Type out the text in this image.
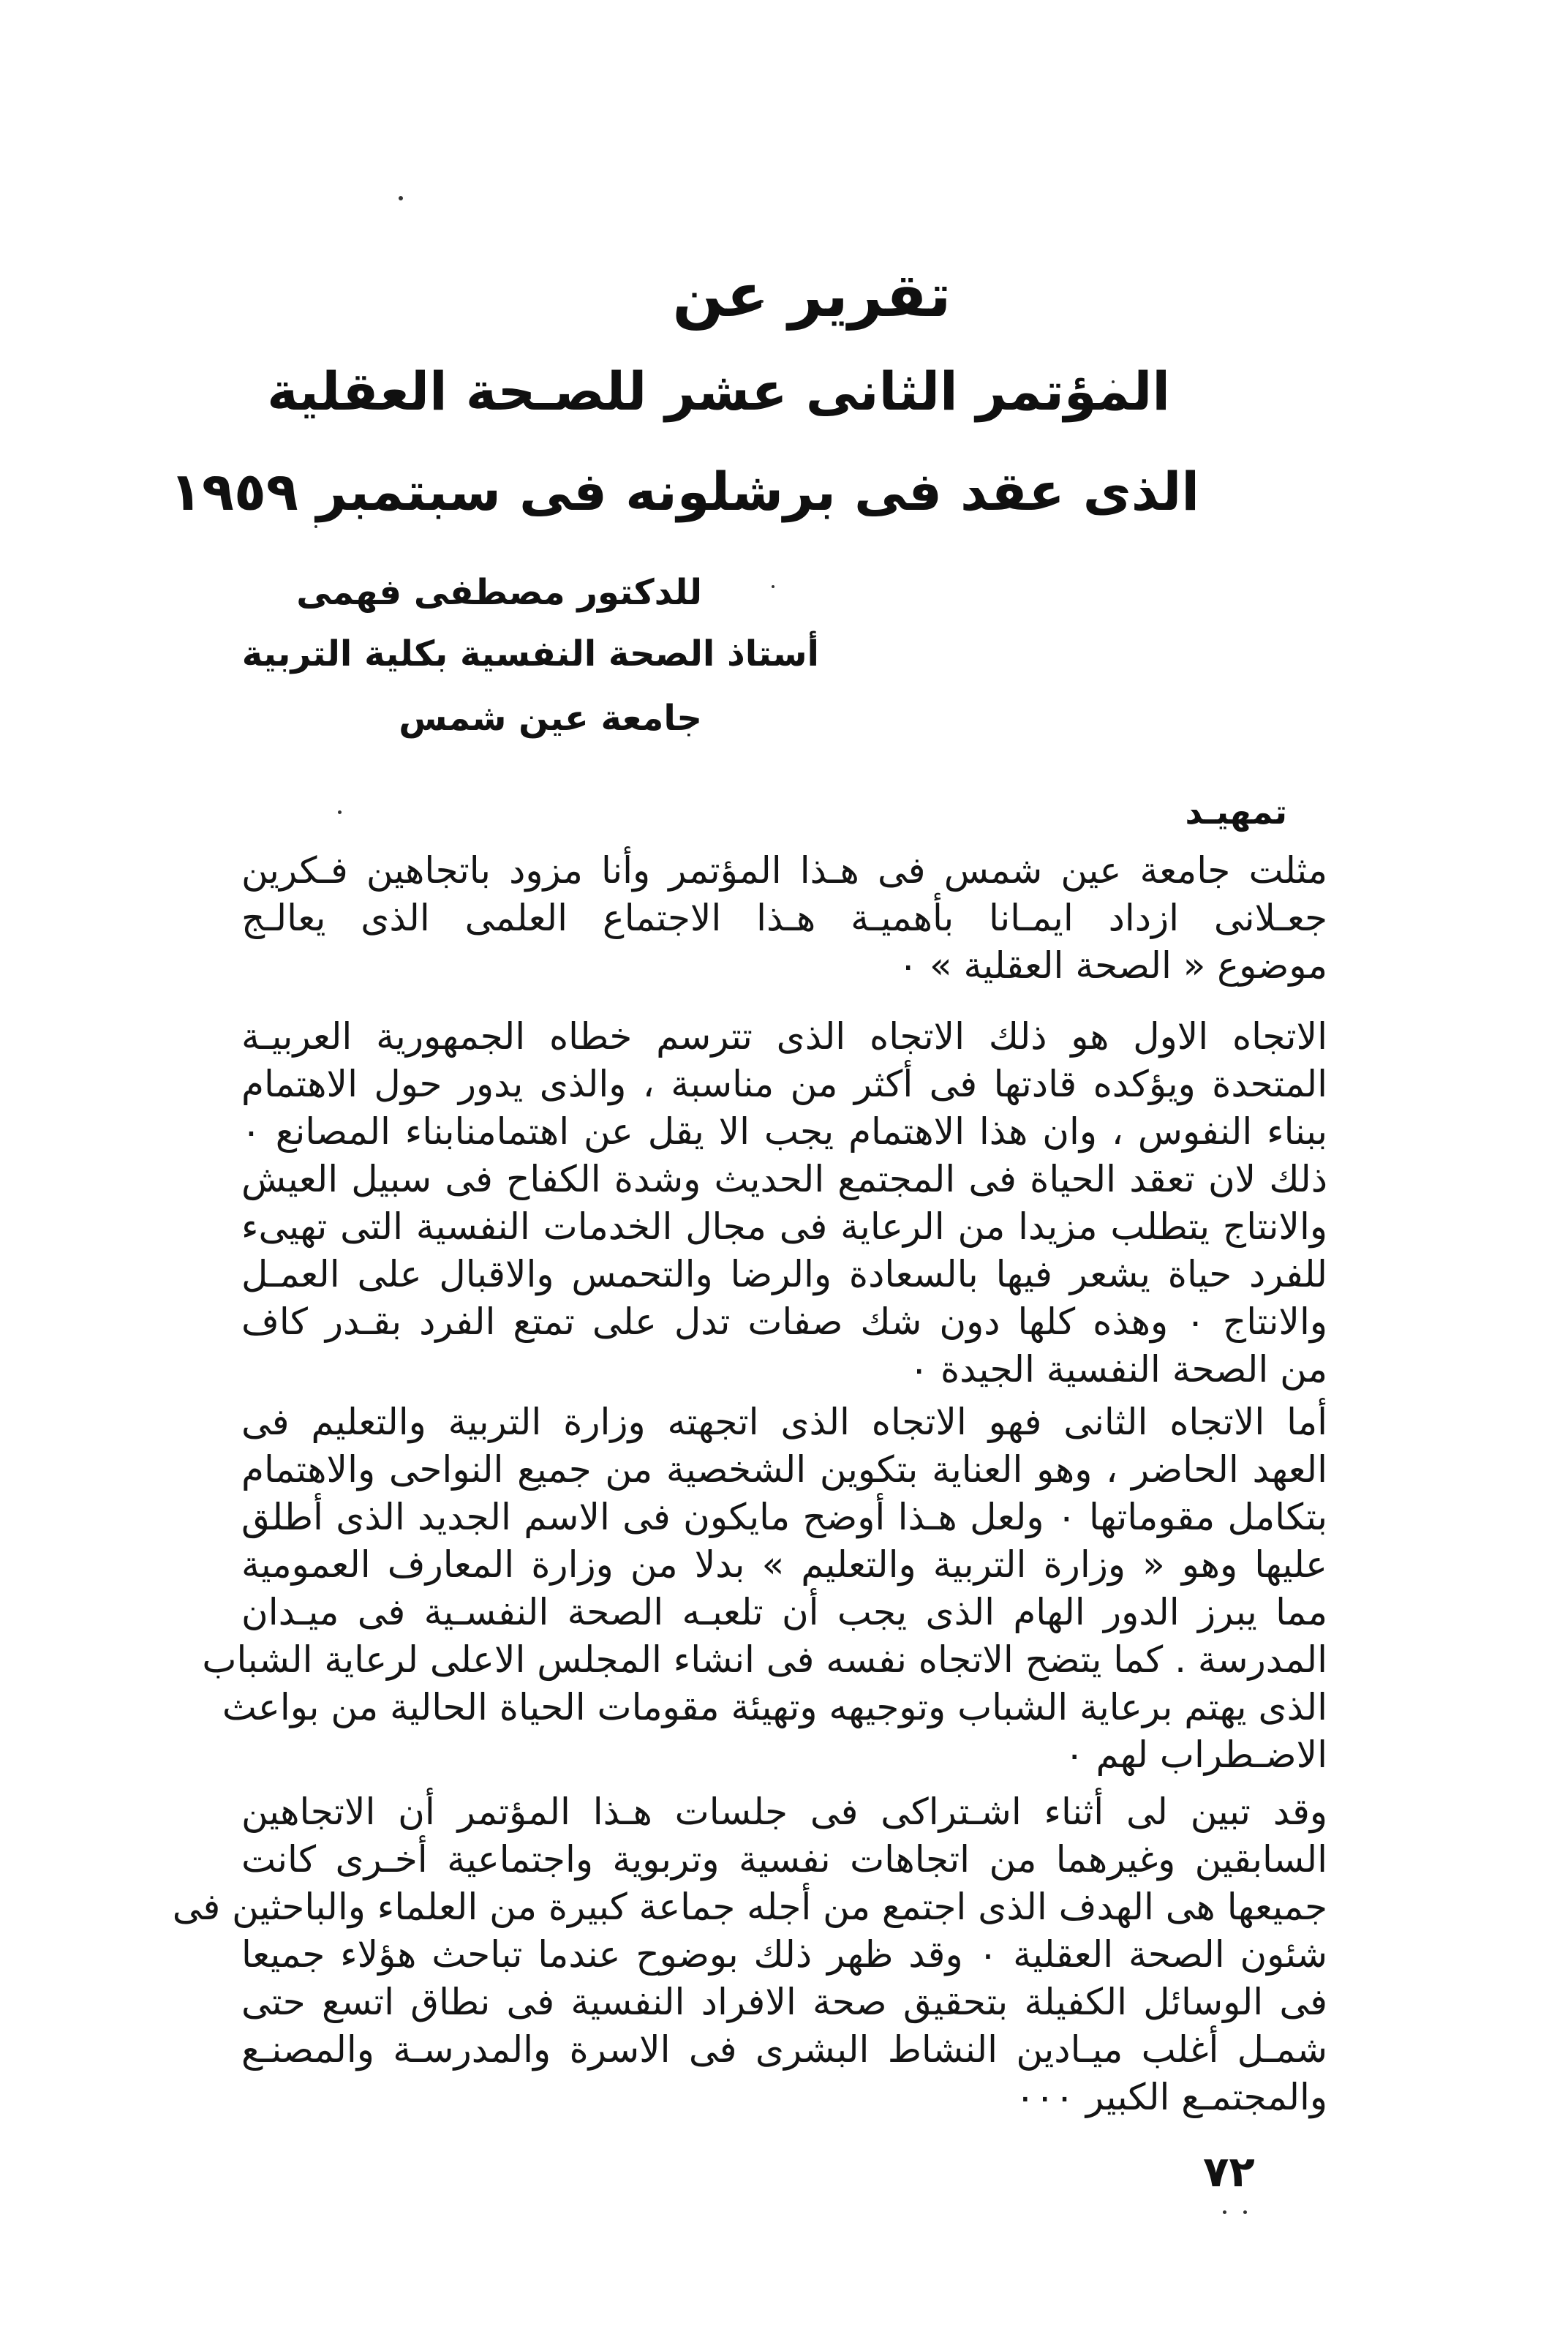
تقرير عن
المؤتمر الثانى عشر للصـحة العقلية
الذى عقد فى برشلونه فى سبتمبر ١٩٥٩
للدكتور مصطفى فهمى
أستاذ الصحة النفسية بكلية التربية
جامعة عين شمس
تمهيـد
مثلت جامعة عين شمس فى هـذا المؤتمر وأنا مزود باتجاهين فـكرين
جعـلانى ازداد ايمـانا بأهميـة هـذا الاجتماع العلمى الذى يعالـج
موضوع « الصحة العقلية » ٠
الاتجاه الاول هو ذلك الاتجاه الذى تترسم خطاه الجمهورية العربيـة
المتحدة ويؤكده قادتها فى أكثر من مناسبة ، والذى يدور حول الاهتمام
ببناء النفوس ، وان هذا الاهتمام يجب الا يقل عن اهتمامنابناء المصانع ٠
ذلك لان تعقد الحياة فى المجتمع الحديث وشدة الكفاح فى سبيل العيش
والانتاج يتطلب مزيدا من الرعاية فى مجال الخدمات النفسية التى تهيىء
للفرد حياة يشعر فيها بالسعادة والرضا والتحمس والاقبال على العمـل
والانتاج ٠ وهذه كلها دون شك صفات تدل على تمتع الفرد بقـدر كاف
من الصحة النفسية الجيدة ٠
أما الاتجاه الثانى فهو الاتجاه الذى اتجهته وزارة التربية والتعليم فى
العهد الحاضر ، وهو العناية بتكوين الشخصية من جميع النواحى والاهتمام
بتكامل مقوماتها ٠ ولعل هـذا أوضح مايكون فى الاسم الجديد الذى أطلق
عليها وهو « وزارة التربية والتعليم » بدلا من وزارة المعارف العمومية
مما يبرز الدور الهام الذى يجب أن تلعبـه الصحة النفسـية فى ميـدان
المدرسة . كما يتضح الاتجاه نفسه فى انشاء المجلس الاعلى لرعاية الشباب
الذى يهتم برعاية الشباب وتوجيهه وتهيئة مقومات الحياة الحالية من بواعث
الاضـطراب لهم ٠
وقد تبين لى أثناء اشـتراكى فى جلسات هـذا المؤتمر أن الاتجاهين
السابقين وغيرهما من اتجاهات نفسية وتربوية واجتماعية أخـرى كانت
جميعها هى الهدف الذى اجتمع من أجله جماعة كبيرة من العلماء والباحثين فى
شئون الصحة العقلية ٠ وقد ظهر ذلك بوضوح عندما تباحث هؤلاء جميعا
فى الوسائل الكفيلة بتحقيق صحة الافراد النفسية فى نطاق اتسع حتى
شمـل أغلب ميـادين النشاط البشرى فى الاسرة والمدرسـة والمصنـع
والمجتمـع الكبير ٠٠٠
٧٢
